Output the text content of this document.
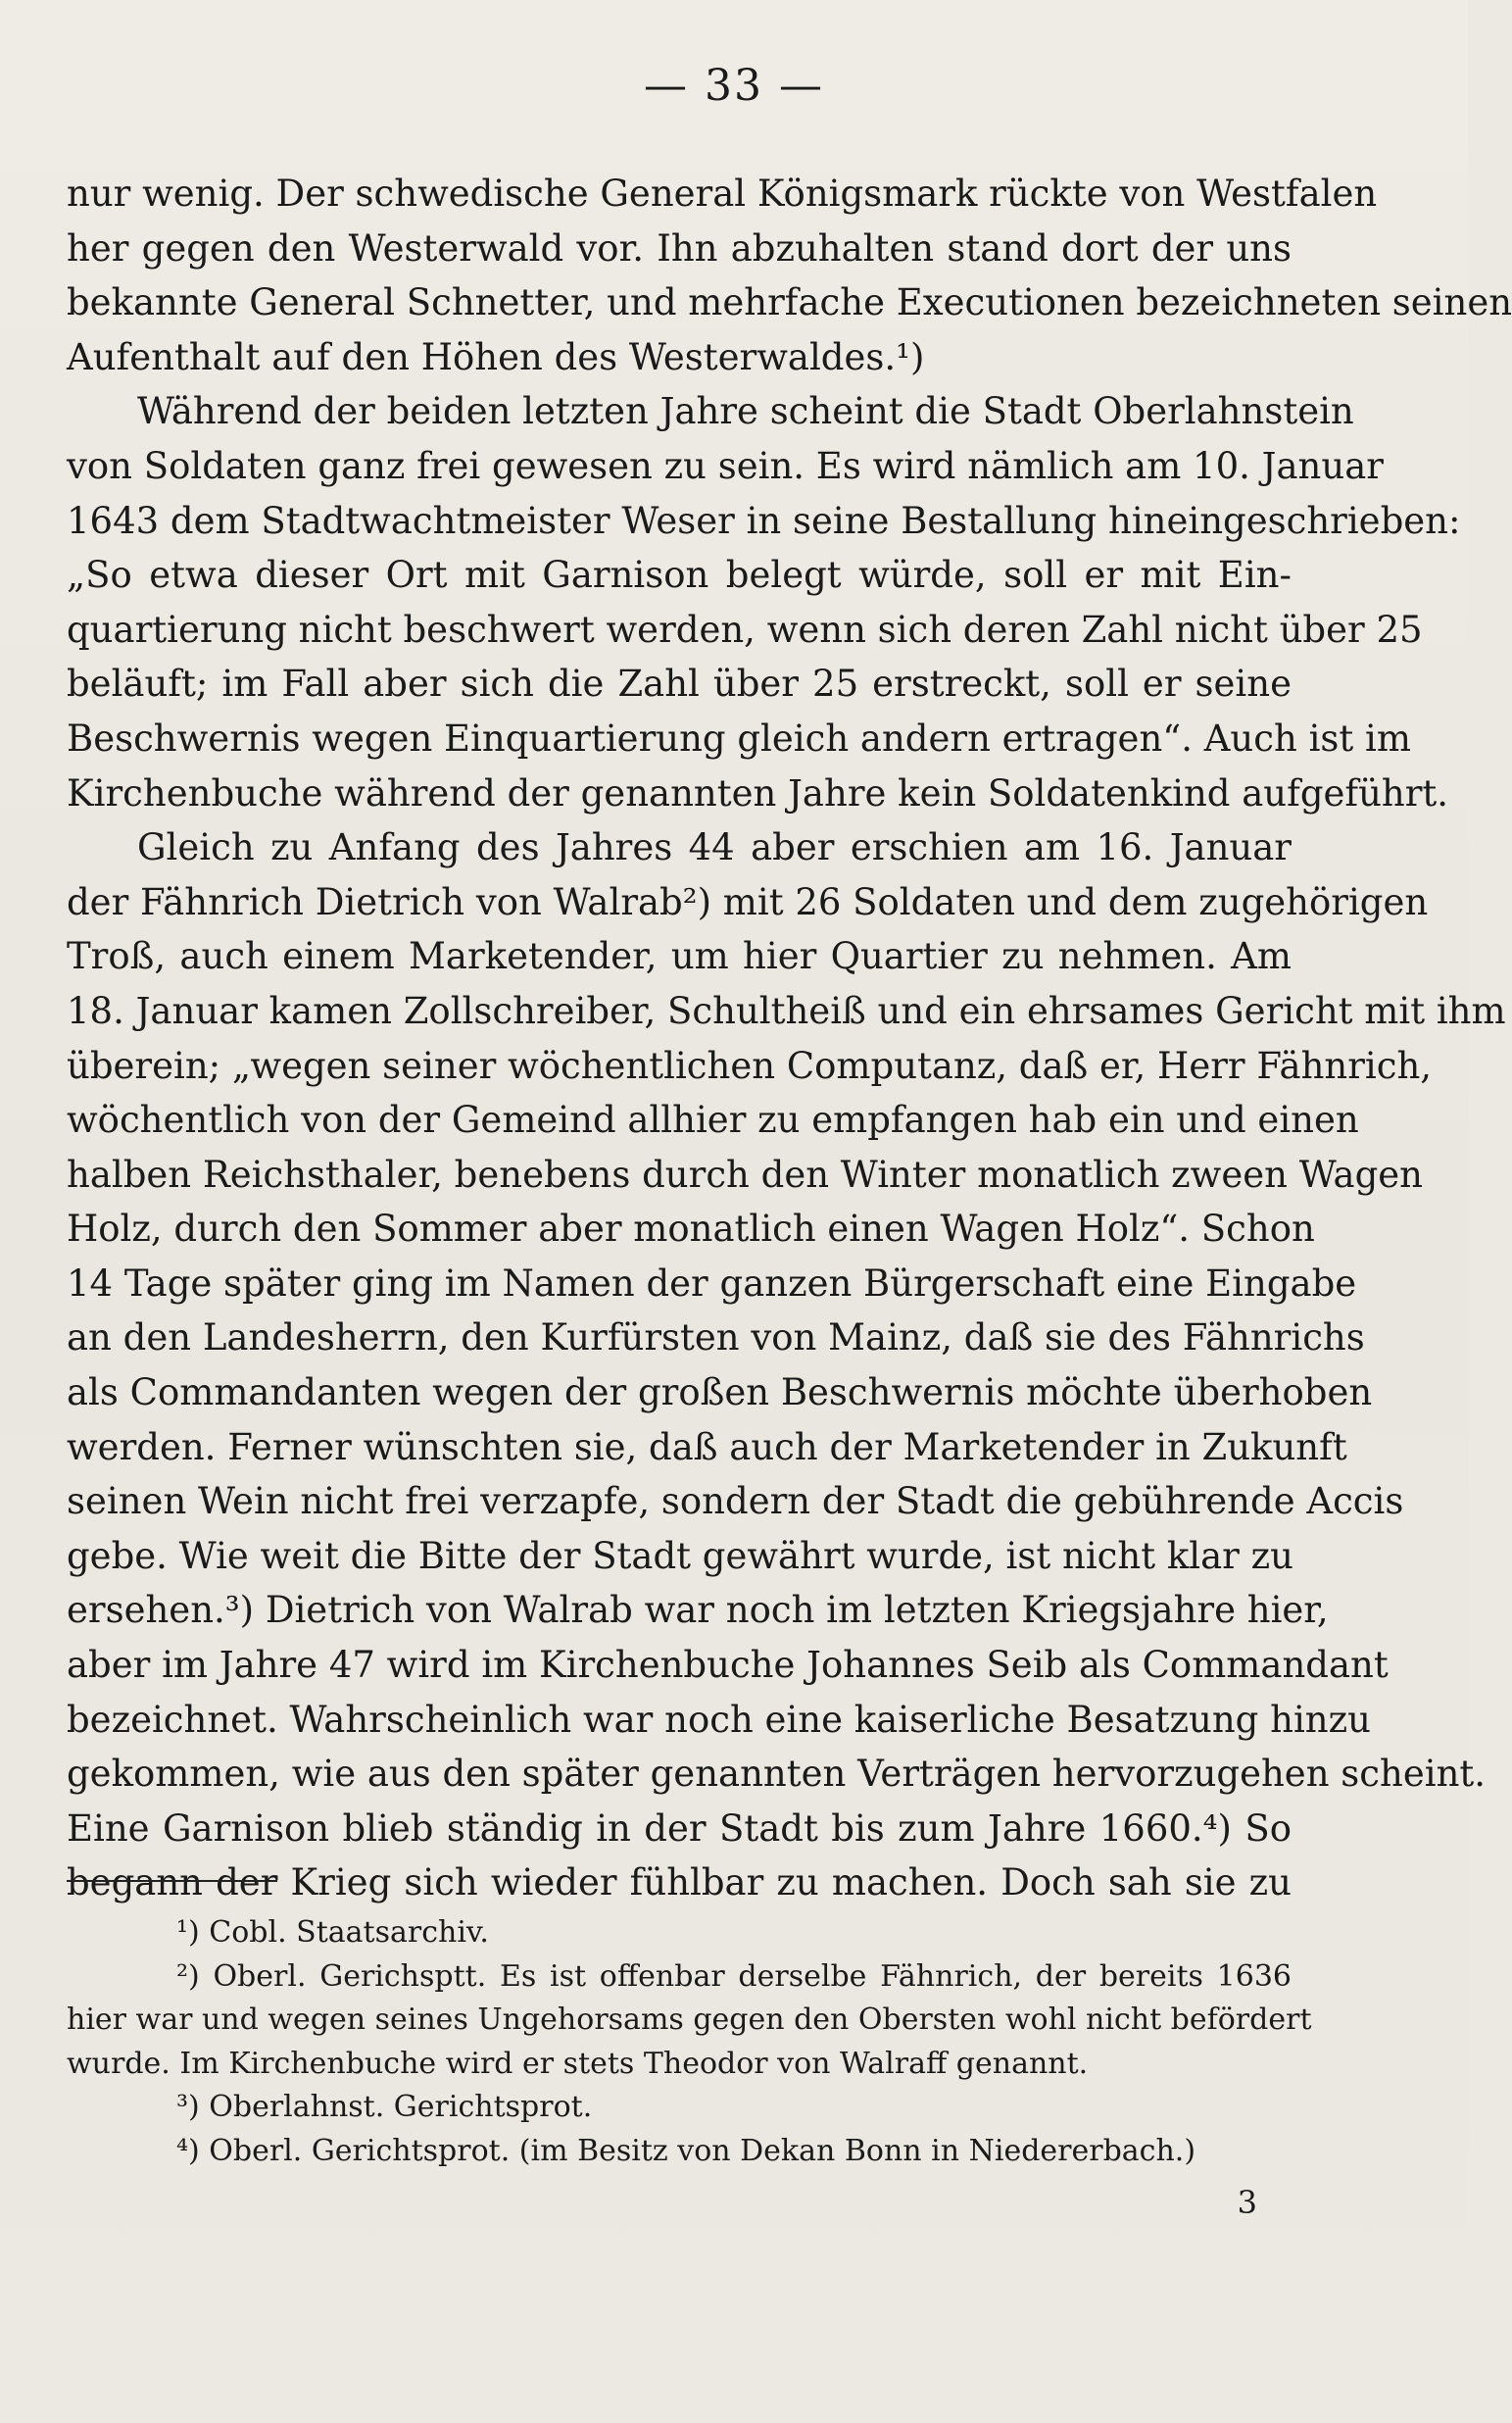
— 33 —
nur wenig. Der schwedische General Königsmark rückte von Westfalen
her gegen den Westerwald vor. Ihn abzuhalten stand dort der uns
bekannte General Schnetter, und mehrfache Executionen bezeichneten seinen
Aufenthalt auf den Höhen des Westerwaldes.¹)
Während der beiden letzten Jahre scheint die Stadt Oberlahnstein
von Soldaten ganz frei gewesen zu sein. Es wird nämlich am 10. Januar
1643 dem Stadtwachtmeister Weser in seine Bestallung hineingeschrieben:
„So etwa dieser Ort mit Garnison belegt würde, soll er mit Ein-
quartierung nicht beschwert werden, wenn sich deren Zahl nicht über 25
beläuft; im Fall aber sich die Zahl über 25 erstreckt, soll er seine
Beschwernis wegen Einquartierung gleich andern ertragen“. Auch ist im
Kirchenbuche während der genannten Jahre kein Soldatenkind aufgeführt.
Gleich zu Anfang des Jahres 44 aber erschien am 16. Januar
der Fähnrich Dietrich von Walrab²) mit 26 Soldaten und dem zugehörigen
Troß, auch einem Marketender, um hier Quartier zu nehmen. Am
18. Januar kamen Zollschreiber, Schultheiß und ein ehrsames Gericht mit ihm
überein; „wegen seiner wöchentlichen Computanz, daß er, Herr Fähnrich,
wöchentlich von der Gemeind allhier zu empfangen hab ein und einen
halben Reichsthaler, benebens durch den Winter monatlich zween Wagen
Holz, durch den Sommer aber monatlich einen Wagen Holz“. Schon
14 Tage später ging im Namen der ganzen Bürgerschaft eine Eingabe
an den Landesherrn, den Kurfürsten von Mainz, daß sie des Fähnrichs
als Commandanten wegen der großen Beschwernis möchte überhoben
werden. Ferner wünschten sie, daß auch der Marketender in Zukunft
seinen Wein nicht frei verzapfe, sondern der Stadt die gebührende Accis
gebe. Wie weit die Bitte der Stadt gewährt wurde, ist nicht klar zu
ersehen.³) Dietrich von Walrab war noch im letzten Kriegsjahre hier,
aber im Jahre 47 wird im Kirchenbuche Johannes Seib als Commandant
bezeichnet. Wahrscheinlich war noch eine kaiserliche Besatzung hinzu
gekommen, wie aus den später genannten Verträgen hervorzugehen scheint.
Eine Garnison blieb ständig in der Stadt bis zum Jahre 1660.⁴) So
begann der Krieg sich wieder fühlbar zu machen. Doch sah sie zu
¹) Cobl. Staatsarchiv.
²) Oberl. Gerichsptt. Es ist offenbar derselbe Fähnrich, der bereits 1636
hier war und wegen seines Ungehorsams gegen den Obersten wohl nicht befördert
wurde. Im Kirchenbuche wird er stets Theodor von Walraff genannt.
³) Oberlahnst. Gerichtsprot.
⁴) Oberl. Gerichtsprot. (im Besitz von Dekan Bonn in Niedererbach.)
3
